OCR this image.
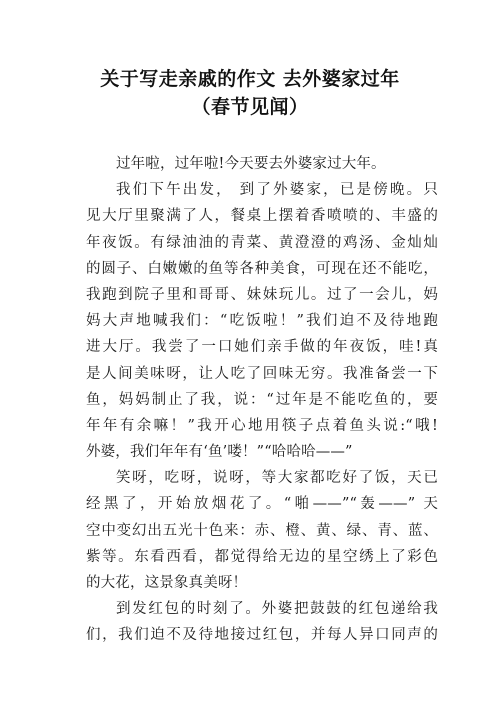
关于写走亲戚的作文 去外婆家过年
（春节见闻）
过年啦，过年啦!今天要去外婆家过大年。
我们下午出发， 到了外婆家，已是傍晚。只
见大厅里聚满了人，餐桌上摆着香喷喷的、丰盛的
年夜饭。有绿油油的青菜、黄澄澄的鸡汤、金灿灿
的圆子、白嫩嫩的鱼等各种美食，可现在还不能吃，
我跑到院子里和哥哥、妹妹玩儿。过了一会儿，妈
妈大声地喊我们：“吃饭啦！”我们迫不及待地跑
进大厅。我尝了一口她们亲手做的年夜饭，哇!真
是人间美味呀，让人吃了回味无穷。我准备尝一下
鱼，妈妈制止了我，说：“过年是不能吃鱼的，要
年年有余嘛！”我开心地用筷子点着鱼头说:“哦!
外婆，我们年年有‘鱼’喽！”“哈哈哈——”
笑呀，吃呀，说呀，等大家都吃好了饭，天已
经黑了，开始放烟花了。“啪——”“轰——” 天
空中变幻出五光十色来：赤、橙、黄、绿、青、蓝、
紫等。东看西看，都觉得给无边的星空绣上了彩色
的大花，这景象真美呀！
到发红包的时刻了。外婆把鼓鼓的红包递给我
们，我们迫不及待地接过红包，并每人异口同声的
